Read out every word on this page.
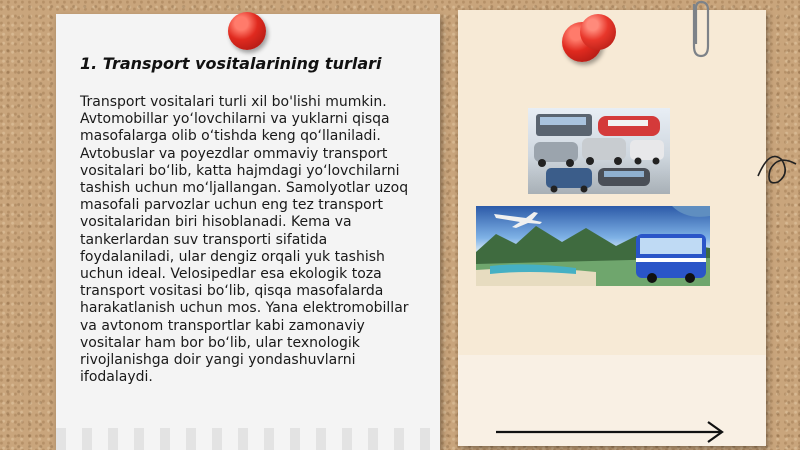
1. Transport vositalarining turlari

Transport vositalari turli xil bo'lishi mumkin. Avtomobillar yo‘lovchilarni va yuklarni qisqa masofalarga olib o‘tishda keng qo‘llaniladi. Avtobuslar va poyezdlar ommaviy transport vositalari bo‘lib, katta hajmdagi yo‘lovchilarni tashish uchun mo‘ljallangan. Samolyotlar uzoq masofali parvozlar uchun eng tez transport vositalaridan biri hisoblanadi. Kema va tankerlardan suv transporti sifatida foydalaniladi, ular dengiz orqali yuk tashish uchun ideal. Velosipedlar esa ekologik toza transport vositasi bo‘lib, qisqa masofalarda harakatlanish uchun mos. Yana elektromobillar va avtonom transportlar kabi zamonaviy vositalar ham bor bo‘lib, ular texnologik rivojlanishga doir yangi yondashuvlarni ifodalaydi.
